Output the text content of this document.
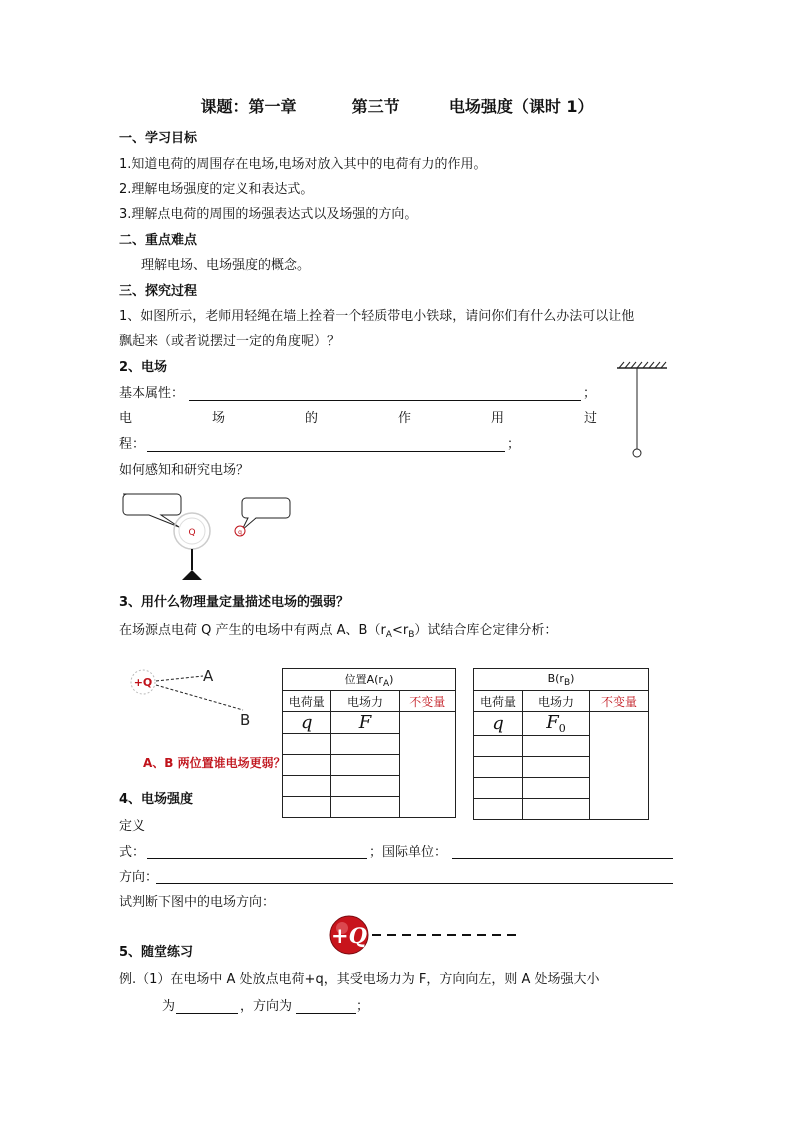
课题：第一章	第三节	电场强度（课时 1）
一、学习目标
1.知道电荷的周围存在电场,电场对放入其中的电荷有力的作用。
2.理解电场强度的定义和表达式。
3.理解点电荷的周围的场强表达式以及场强的方向。
二、重点难点
理解电场、电场强度的概念。
三、探究过程
1、如图所示，老师用轻绳在墙上拴着一个轻质带电小铁球，请问你们有什么办法可以让他
飘起来（或者说摆过一定的角度呢）？
2、电场
基本属性：	；
电	场	的	作	用	过
程：	；
如何感知和研究电场？
Q	q
3、用什么物理量定量描述电场的强弱？
在场源点电荷 Q 产生的电场中有两点 A、$B(r_A<r_B)$试结合库仑定律分析：
+Q	A
B
A、B 两位置谁电场更弱？
位置$A(r_A)$		
电荷量	电场力	不变量
q	F	

$B(r_B)$		
电荷量	电场力	不变量
q	$F_0$	

4、电场强度
定义
式：	；国际单位：
方向：
试判断下图中的电场方向：
+Q
5、随堂练习
例.（1）在电场中 A 处放点电荷+q，其受电场力为 F，方向向左，则 A 处场强大小
为	，方向为	；
